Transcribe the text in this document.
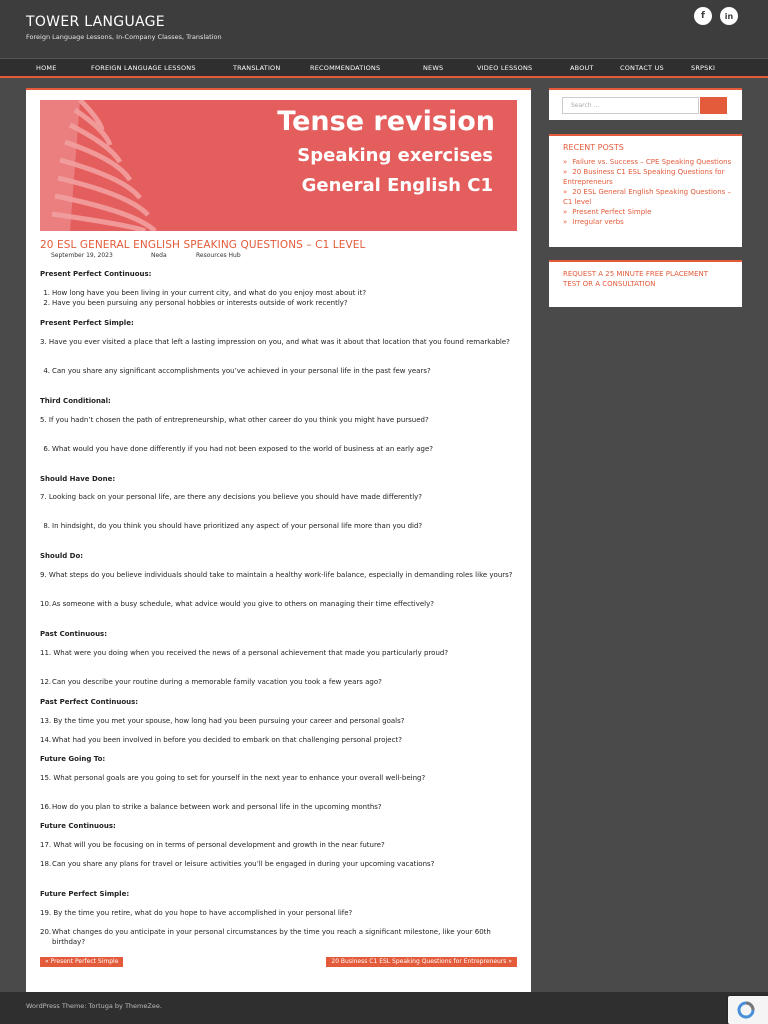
TOWER LANGUAGE
Foreign Language Lessons, In-Company Classes, Translation
f	in
HOME	FOREIGN LANGUAGE LESSONS	TRANSLATION	RECOMMENDATIONS	NEWS	VIDEO LESSONS	ABOUT	CONTACT US	SRPSKI
Tense revision
Speaking exercises
General English C1
20 ESL GENERAL ENGLISH SPEAKING QUESTIONS – C1 LEVEL
September 19, 2023	Neda	Resources Hub
Present Perfect Continuous:
1. How long have you been living in your current city, and what do you enjoy most about it?
2. Have you been pursuing any personal hobbies or interests outside of work recently?
Present Perfect Simple:
3. Have you ever visited a place that left a lasting impression on you, and what was it about that location that you found remarkable?
4. Can you share any significant accomplishments you’ve achieved in your personal life in the past few years?
Third Conditional:
5. If you hadn’t chosen the path of entrepreneurship, what other career do you think you might have pursued?
6. What would you have done differently if you had not been exposed to the world of business at an early age?
Should Have Done:
7. Looking back on your personal life, are there any decisions you believe you should have made differently?
8. In hindsight, do you think you should have prioritized any aspect of your personal life more than you did?
Should Do:
9. What steps do you believe individuals should take to maintain a healthy work-life balance, especially in demanding roles like yours?
10. As someone with a busy schedule, what advice would you give to others on managing their time effectively?
Past Continuous:
11. What were you doing when you received the news of a personal achievement that made you particularly proud?
12. Can you describe your routine during a memorable family vacation you took a few years ago?
Past Perfect Continuous:
13. By the time you met your spouse, how long had you been pursuing your career and personal goals?
14. What had you been involved in before you decided to embark on that challenging personal project?
Future Going To:
15. What personal goals are you going to set for yourself in the next year to enhance your overall well-being?
16. How do you plan to strike a balance between work and personal life in the upcoming months?
Future Continuous:
17. What will you be focusing on in terms of personal development and growth in the near future?
18. Can you share any plans for travel or leisure activities you’ll be engaged in during your upcoming vacations?
Future Perfect Simple:
19. By the time you retire, what do you hope to have accomplished in your personal life?
20. What changes do you anticipate in your personal circumstances by the time you reach a significant milestone, like your 60th birthday?
« Present Perfect Simple	20 Business C1 ESL Speaking Questions for Entrepreneurs »
Search ...
RECENT POSTS
» Failure vs. Success – CPE Speaking Questions
» 20 Business C1 ESL Speaking Questions for Entrepreneurs
» 20 ESL General English Speaking Questions – C1 level
» Present Perfect Simple
» Irregular verbs
REQUEST A 25 MINUTE FREE PLACEMENT TEST OR A CONSULTATION
WordPress Theme: Tortuga by ThemeZee.
